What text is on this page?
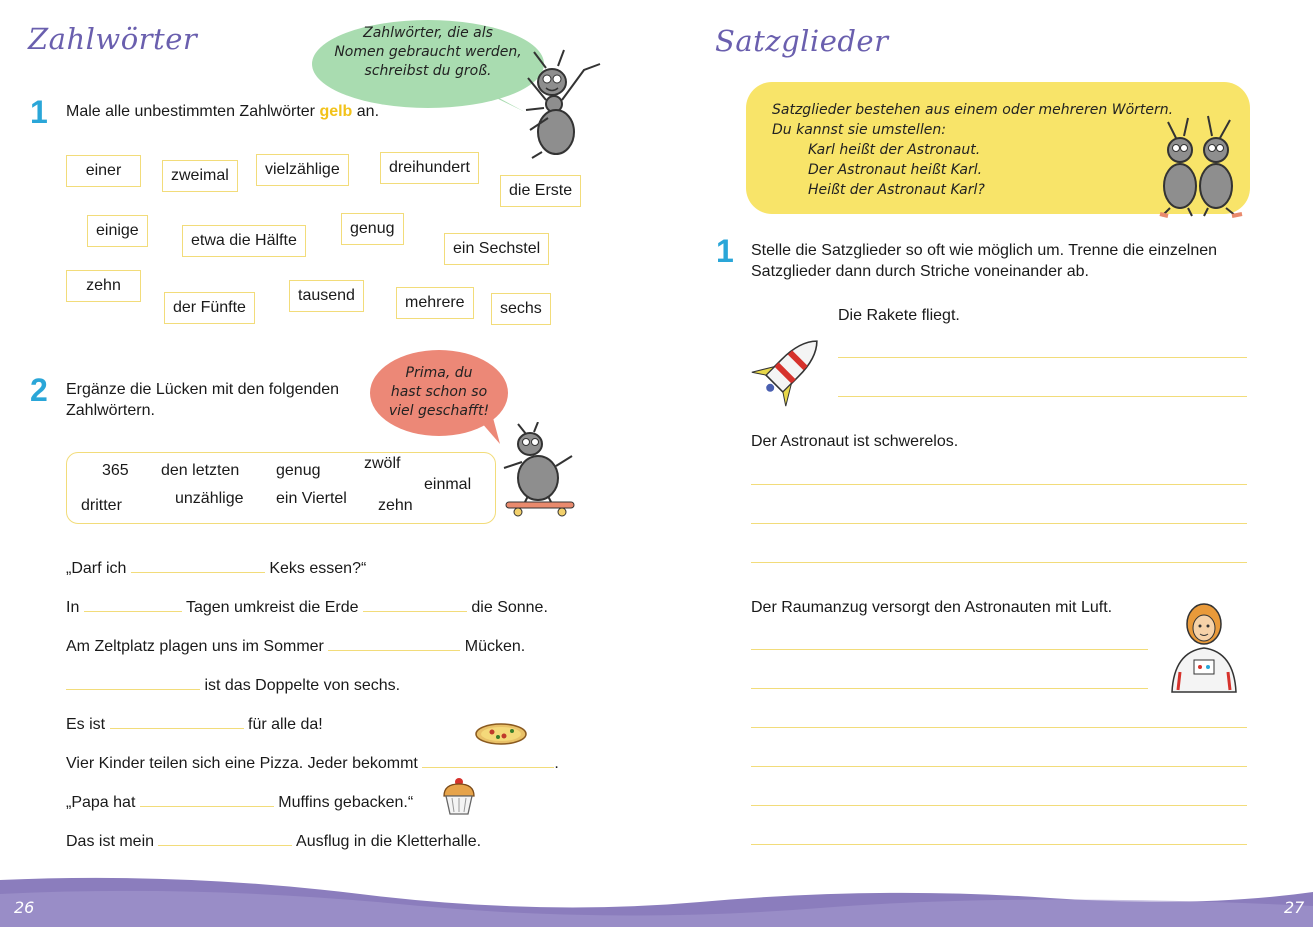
Zahlwörter	Zahlwörter, die als
Nomen gebraucht werden,
schreibst du groß.
1 Male alle unbestimmten Zahlwörter gelb an.
einer	zweimal	vielzählige	dreihundert
die Erste
einige
etwa die Hälfte
genug
ein Sechstel
zehn
der Fünfte
tausend	mehrere	sechs
2 Ergänze die Lücken mit den folgenden
Zahlwörtern.
Prima, du
hast schon so
viel geschafft!
365 den letzten genug	zwölf
einmal
dritter	unzählige ein Viertel zehn
„Darf ich	Keks essen?“
In	Tagen umkreist die Erde	die Sonne.
Am Zeltplatz plagen uns im Sommer	Mücken.
ist das Doppelte von sechs.
Es ist	für alle da!
Vier Kinder teilen sich eine Pizza. Jeder bekommt	.
„Papa hat	Muffins gebacken.“
Das ist mein	Ausflug in die Kletterhalle.
Satzglieder
Satzglieder bestehen aus einem oder mehreren Wörtern.
Du kannst sie umstellen:
Karl heißt der Astronaut.
Der Astronaut heißt Karl.
Heißt der Astronaut Karl?
1 Stelle die Satzglieder so oft wie möglich um. Trenne die einzelnen
Satzglieder dann durch Striche voneinander ab.
Die Rakete fliegt.
Der Astronaut ist schwerelos.
Der Raumanzug versorgt den Astronauten mit Luft.
26	27
